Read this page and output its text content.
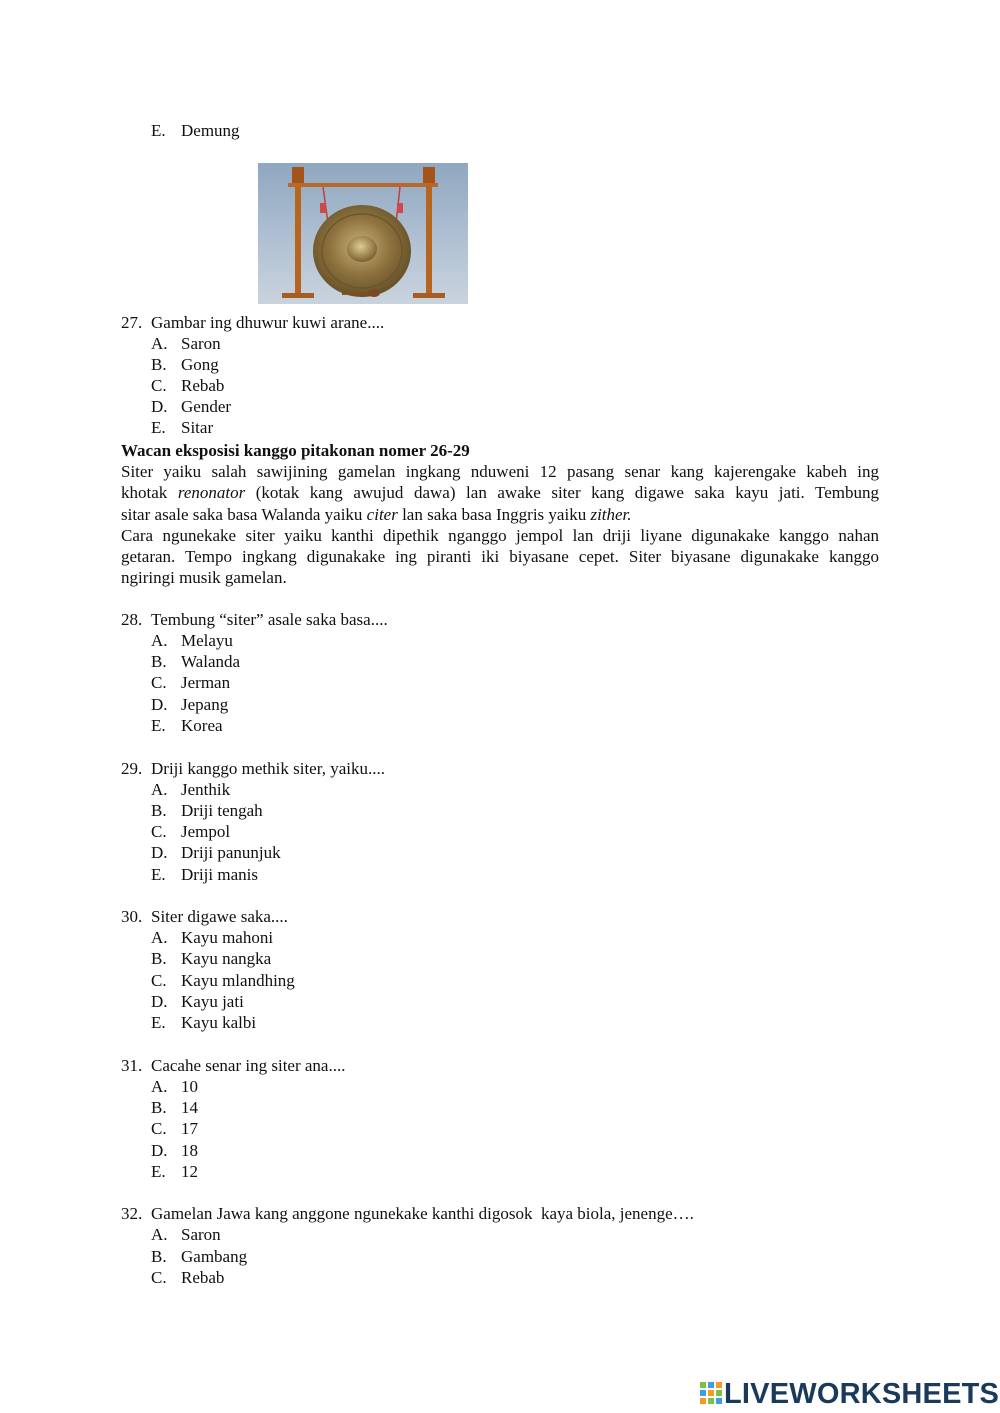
E. Demung
27. Gambar ing dhuwur kuwi arane....
A. Saron
B. Gong
C. Rebab
D. Gender
E. Sitar
Wacan eksposisi kanggo pitakonan nomer 26-29
Siter yaiku salah sawijining gamelan ingkang nduweni 12 pasang senar kang kajerengake kabeh ing
khotak renonator (kotak kang awujud dawa) lan awake siter kang digawe saka kayu jati. Tembung
sitar asale saka basa Walanda yaiku citer lan saka basa Inggris yaiku zither.
Cara ngunekake siter yaiku kanthi dipethik nganggo jempol lan driji liyane digunakake kanggo nahan
getaran. Tempo ingkang digunakake ing piranti iki biyasane cepet. Siter biyasane digunakake kanggo
ngiringi musik gamelan.
28. Tembung “siter” asale saka basa....
A. Melayu
B. Walanda
C. Jerman
D. Jepang
E. Korea
29. Driji kanggo methik siter, yaiku....
A. Jenthik
B. Driji tengah
C. Jempol
D. Driji panunjuk
E. Driji manis
30. Siter digawe saka....
A. Kayu mahoni
B. Kayu nangka
C. Kayu mlandhing
D. Kayu jati
E. Kayu kalbi
31. Cacahe senar ing siter ana....
A. 10
B. 14
C. 17
D. 18
E. 12
32. Gamelan Jawa kang anggone ngunekake kanthi digosok  kaya biola, jenenge….
A. Saron
B. Gambang
C. Rebab
LIVEWORKSHEETS
